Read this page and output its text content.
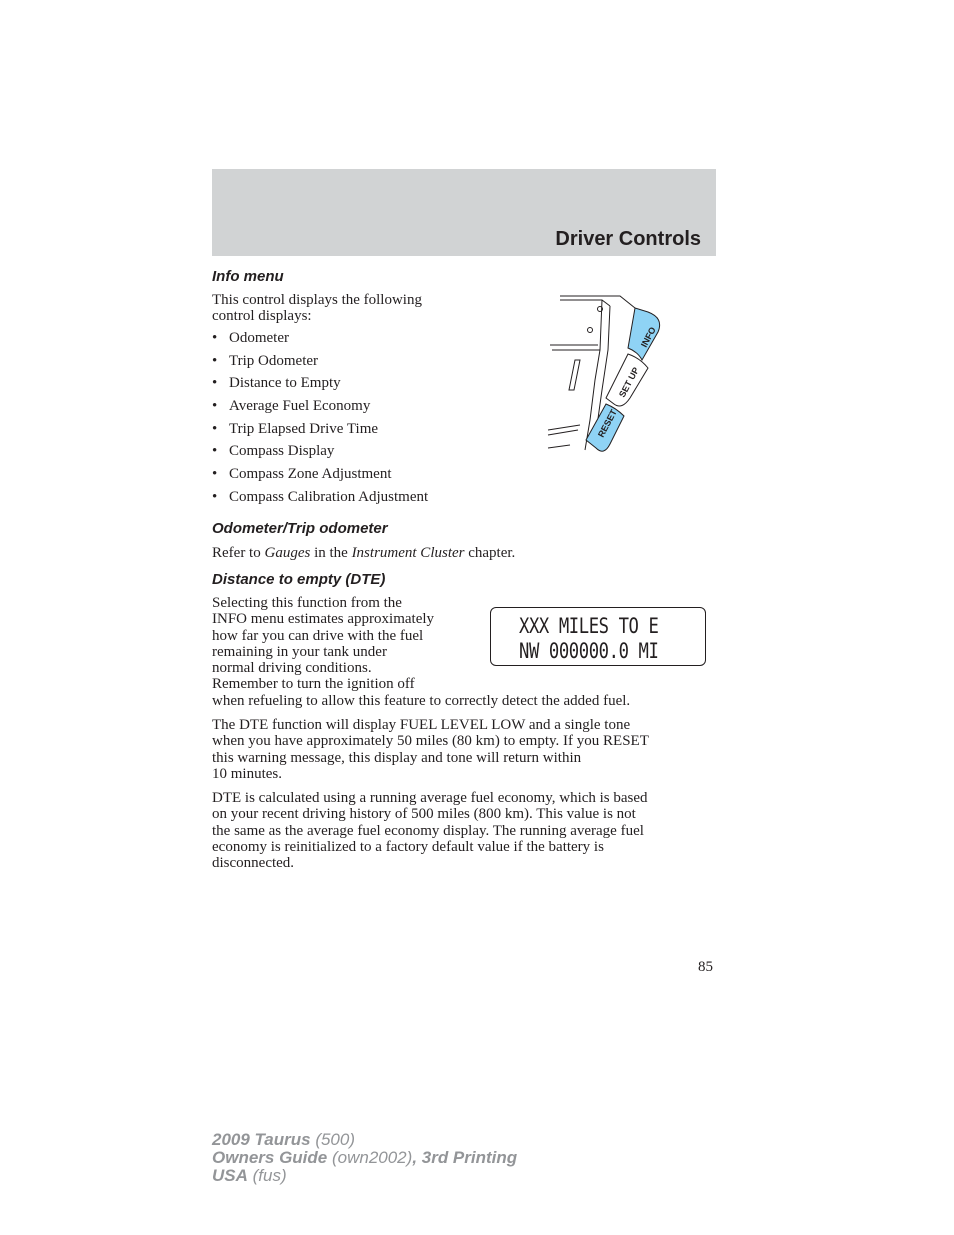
Driver Controls
Info menu
This control displays the following
control displays:
• Odometer
• Trip Odometer
• Distance to Empty
• Average Fuel Economy
• Trip Elapsed Drive Time
• Compass Display
• Compass Zone Adjustment
• Compass Calibration Adjustment
INFO
SET UP
RESET
Odometer/Trip odometer
Refer to Gauges in the Instrument Cluster chapter.
Distance to empty (DTE)
Selecting this function from the
INFO menu estimates approximately
how far you can drive with the fuel
remaining in your tank under
normal driving conditions.
Remember to turn the ignition off
when refueling to allow this feature to correctly detect the added fuel.
XXX MILES TO E
NW 000000.0 MI
The DTE function will display FUEL LEVEL LOW and a single tone
when you have approximately 50 miles (80 km) to empty. If you RESET
this warning message, this display and tone will return within
10 minutes.
DTE is calculated using a running average fuel economy, which is based
on your recent driving history of 500 miles (800 km). This value is not
the same as the average fuel economy display. The running average fuel
economy is reinitialized to a factory default value if the battery is
disconnected.
85
2009 Taurus (500)
Owners Guide (own2002), 3rd Printing
USA (fus)
